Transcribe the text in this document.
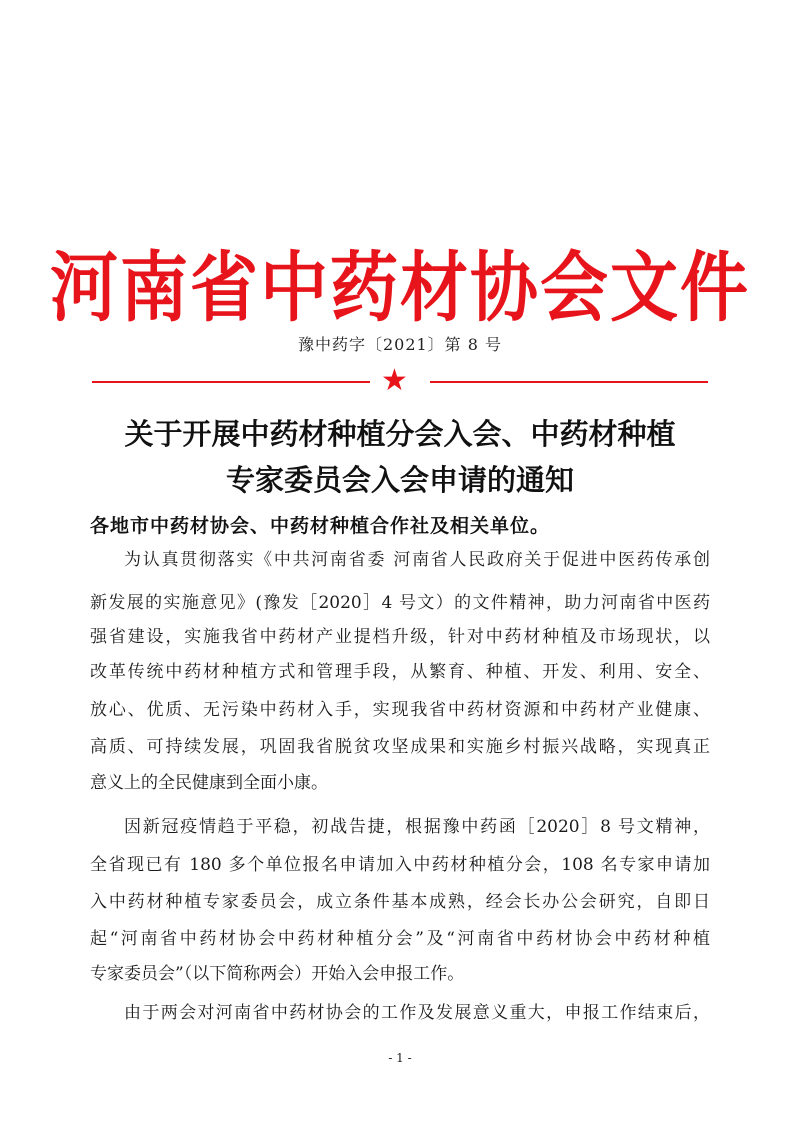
河南省中药材协会文件
豫中药字〔2021〕第 8 号
★
关于开展中药材种植分会入会、中药材种植
专家委员会入会申请的通知
各地市中药材协会、中药材种植合作社及相关单位。
为认真贯彻落实《中共河南省委 河南省人民政府关于促进中医药传承创
新发展的实施意见》(豫发［2020］4 号文）的文件精神，助力河南省中医药
强省建设，实施我省中药材产业提档升级，针对中药材种植及市场现状，以
改革传统中药材种植方式和管理手段，从繁育、种植、开发、利用、安全、
放心、优质、无污染中药材入手，实现我省中药材资源和中药材产业健康、
高质、可持续发展，巩固我省脱贫攻坚成果和实施乡村振兴战略，实现真正
意义上的全民健康到全面小康。
因新冠疫情趋于平稳，初战告捷，根据豫中药函［2020］8 号文精神，
全省现已有 180 多个单位报名申请加入中药材种植分会，108 名专家申请加
入中药材种植专家委员会，成立条件基本成熟，经会长办公会研究，自即日
起“河南省中药材协会中药材种植分会”及“河南省中药材协会中药材种植
专家委员会”（以下简称两会）开始入会申报工作。
由于两会对河南省中药材协会的工作及发展意义重大，申报工作结束后，
- 1 -
